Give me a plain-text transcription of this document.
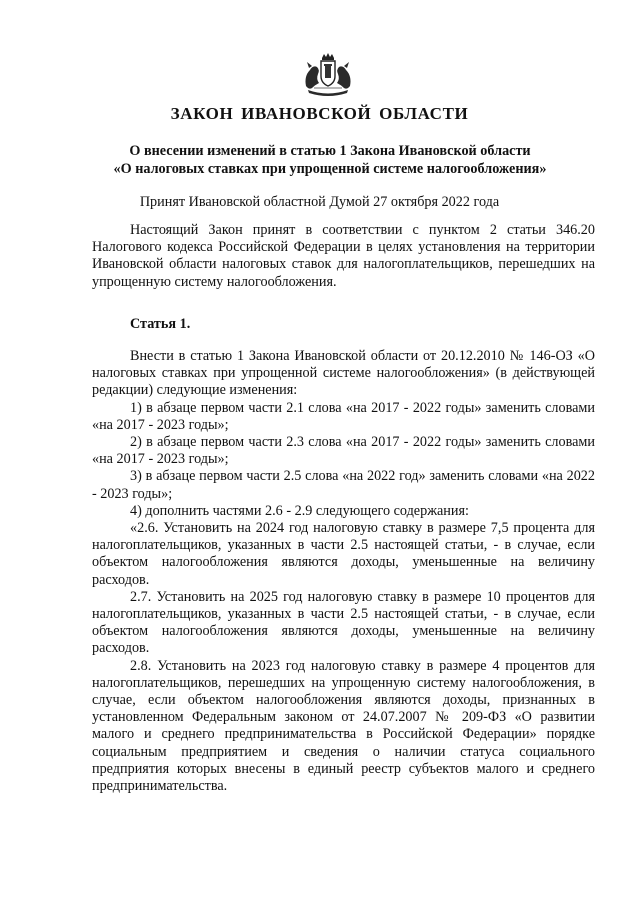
ЗАКОН ИВАНОВСКОЙ ОБЛАСТИ
О внесении изменений в статью 1 Закона Ивановской области
«О налоговых ставках при упрощенной системе налогообложения»
Принят Ивановской областной Думой 27 октября 2022 года

Настоящий Закон принят в соответствии с пунктом 2 статьи 346.20 Налогового кодекса Российской Федерации в целях установления на территории Ивановской области налоговых ставок для налогоплательщиков, перешедших на упрощенную систему налогообложения.

Статья 1.

Внести в статью 1 Закона Ивановской области от 20.12.2010 № 146-ОЗ «О налоговых ставках при упрощенной системе налогообложения» (в действующей редакции) следующие изменения:

1) в абзаце первом части 2.1 слова «на 2017 - 2022 годы» заменить словами «на 2017 - 2023 годы»;

2) в абзаце первом части 2.3 слова «на 2017 - 2022 годы» заменить словами «на 2017 - 2023 годы»;

3) в абзаце первом части 2.5 слова «на 2022 год» заменить словами «на 2022 - 2023 годы»;

4) дополнить частями 2.6 - 2.9 следующего содержания:

«2.6. Установить на 2024 год налоговую ставку в размере 7,5 процента для налогоплательщиков, указанных в части 2.5 настоящей статьи, - в случае, если объектом налогообложения являются доходы, уменьшенные на величину расходов.

2.7. Установить на 2025 год налоговую ставку в размере 10 процентов для налогоплательщиков, указанных в части 2.5 настоящей статьи, - в случае, если объектом налогообложения являются доходы, уменьшенные на величину расходов.

2.8. Установить на 2023 год налоговую ставку в размере 4 процентов для налогоплательщиков, перешедших на упрощенную систему налогообложения, в случае, если объектом налогообложения являются доходы, признанных в установленном Федеральным законом от 24.07.2007 № 209-ФЗ «О развитии малого и среднего предпринимательства в Российской Федерации» порядке социальным предприятием и сведения о наличии статуса социального предприятия которых внесены в единый реестр субъектов малого и среднего предпринимательства.
